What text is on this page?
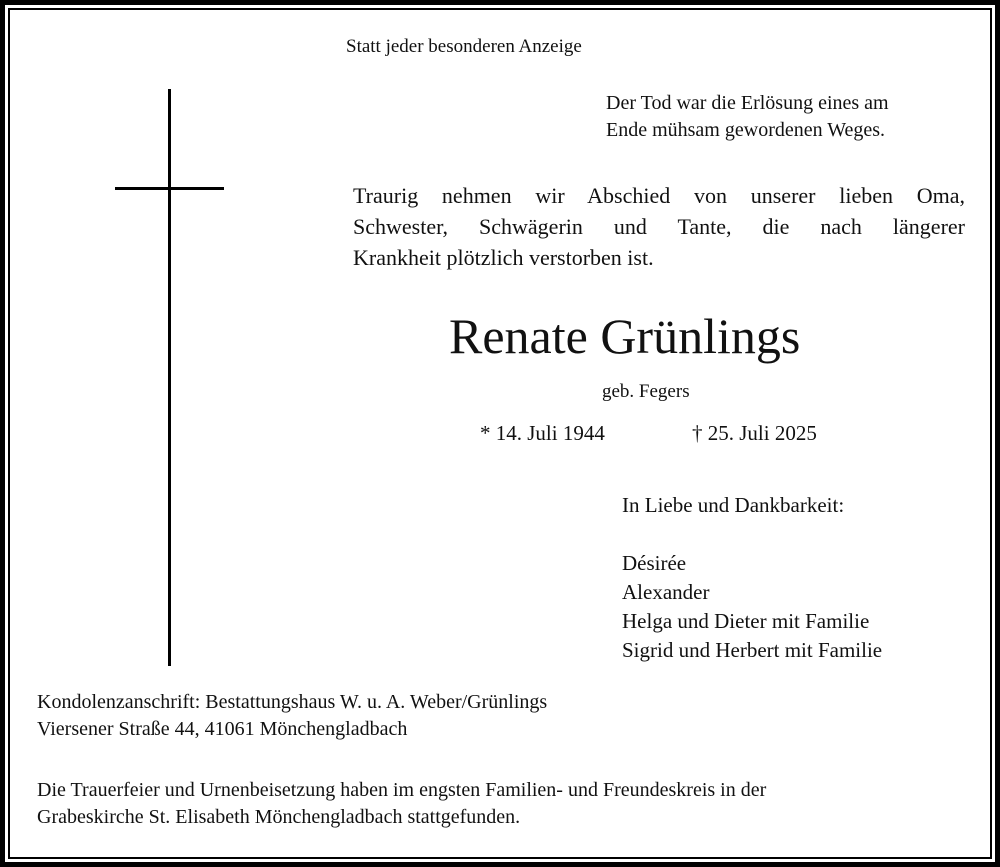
Statt jeder besonderen Anzeige
Der Tod war die Erlösung eines am
Ende mühsam gewordenen Weges.
Traurig nehmen wir Abschied von unserer lieben Oma,
Schwester, Schwägerin und Tante, die nach längerer
Krankheit plötzlich verstorben ist.
Renate Grünlings
geb. Fegers
* 14. Juli 1944	† 25. Juli 2025
In Liebe und Dankbarkeit:
Désirée
Alexander
Helga und Dieter mit Familie
Sigrid und Herbert mit Familie
Kondolenzanschrift: Bestattungshaus W. u. A. Weber/Grünlings
Viersener Straße 44, 41061 Mönchengladbach
Die Trauerfeier und Urnenbeisetzung haben im engsten Familien- und Freundeskreis in der
Grabeskirche St. Elisabeth Mönchengladbach stattgefunden.
